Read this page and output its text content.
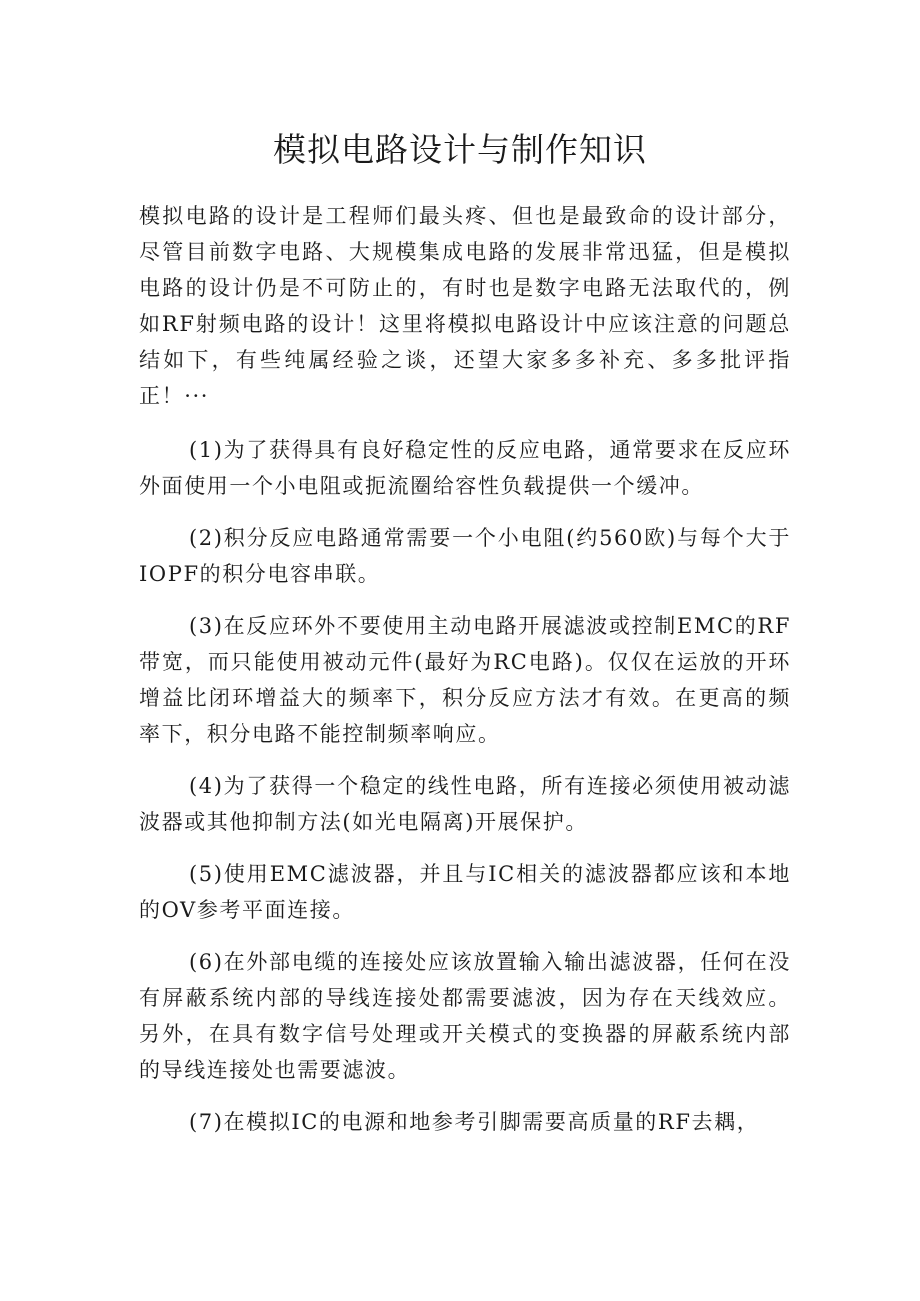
模拟电路设计与制作知识

模拟电路的设计是工程师们最头疼、但也是最致命的设计部分，尽管目前数字电路、大规模集成电路的发展非常迅猛，但是模拟电路的设计仍是不可防止的，有时也是数字电路无法取代的，例如RF射频电路的设计！这里将模拟电路设计中应该注意的问题总结如下，有些纯属经验之谈，还望大家多多补充、多多批评指正！···

(1)为了获得具有良好稳定性的反应电路，通常要求在反应环外面使用一个小电阻或扼流圈给容性负载提供一个缓冲。

(2)积分反应电路通常需要一个小电阻(约560欧)与每个大于IOPF的积分电容串联。

(3)在反应环外不要使用主动电路开展滤波或控制EMC的RF带宽，而只能使用被动元件(最好为RC电路)。仅仅在运放的开环增益比闭环增益大的频率下，积分反应方法才有效。在更高的频率下，积分电路不能控制频率响应。

(4)为了获得一个稳定的线性电路，所有连接必须使用被动滤波器或其他抑制方法(如光电隔离)开展保护。

(5)使用EMC滤波器，并且与IC相关的滤波器都应该和本地的OV参考平面连接。

(6)在外部电缆的连接处应该放置输入输出滤波器，任何在没有屏蔽系统内部的导线连接处都需要滤波，因为存在天线效应。另外，在具有数字信号处理或开关模式的变换器的屏蔽系统内部的导线连接处也需要滤波。

(7)在模拟IC的电源和地参考引脚需要高质量的RF去耦，
